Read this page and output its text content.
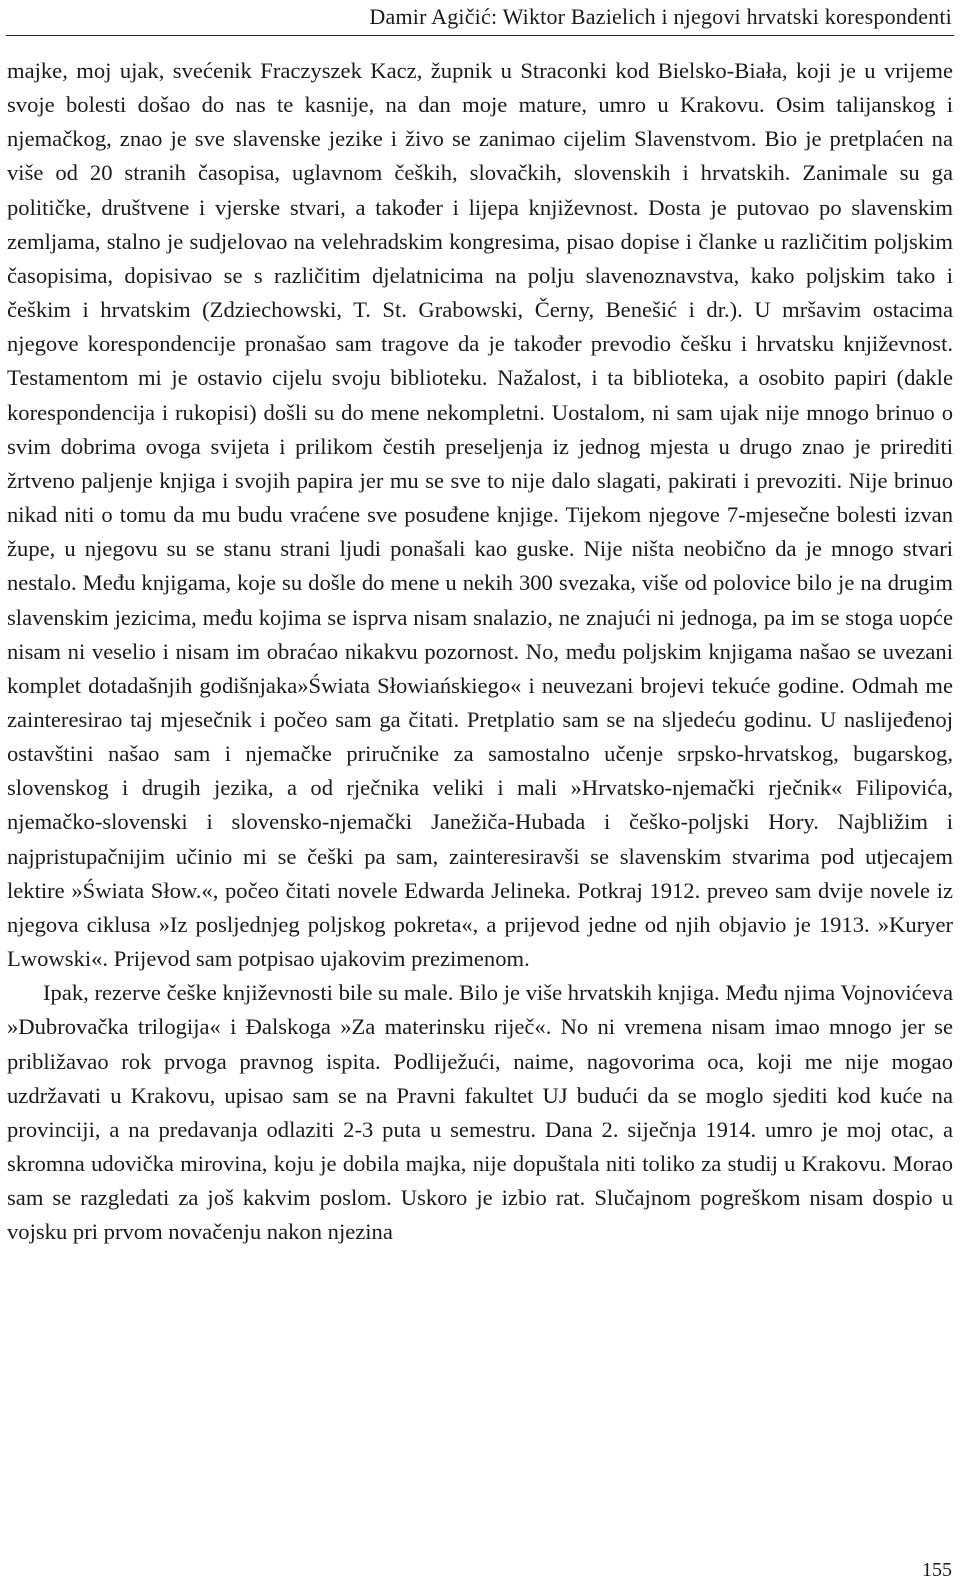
Damir Agičić: Wiktor Bazielich i njegovi hrvatski korespondenti

majke, moj ujak, svećenik Fraczyszek Kacz, župnik u Straconki kod Bielsko-Biała, koji je u vrijeme svoje bolesti došao do nas te kasnije, na dan moje mature, umro u Krakovu. Osim talijanskog i njemačkog, znao je sve slavenske jezike i živo se zanimao cijelim Slavenstvom. Bio je pretplaćen na više od 20 stranih časopisa, uglavnom čeških, slovačkih, slovenskih i hrvatskih. Zanimale su ga političke, društvene i vjerske stvari, a također i lijepa književnost. Dosta je putovao po slavenskim zemljama, stalno je sudjelovao na velehradskim kongresima, pisao dopise i članke u različitim poljskim časopisima, dopisivao se s različitim djelatnicima na polju slavenoznavstva, kako poljskim tako i češkim i hrvatskim (Zdziechowski, T. St. Grabowski, Černy, Benešić i dr.). U mršavim ostacima njegove korespondencije pronašao sam tragove da je također prevodio češku i hrvatsku književnost. Testamentom mi je ostavio cijelu svoju biblioteku. Nažalost, i ta biblioteka, a osobito papiri (dakle korespondencija i rukopisi) došli su do mene nekompletni. Uostalom, ni sam ujak nije mnogo brinuo o svim dobrima ovoga svijeta i prilikom čestih preseljenja iz jednog mjesta u drugo znao je prirediti žrtveno paljenje knjiga i svojih papira jer mu se sve to nije dalo slagati, pakirati i prevoziti. Nije brinuo nikad niti o tomu da mu budu vraćene sve posuđene knjige. Tijekom njegove 7-mjesečne bolesti izvan župe, u njegovu su se stanu strani ljudi ponašali kao guske. Nije ništa neobično da je mnogo stvari nestalo. Među knjigama, koje su došle do mene u nekih 300 svezaka, više od polovice bilo je na drugim slavenskim jezicima, među kojima se isprva nisam snalazio, ne znajući ni jednoga, pa im se stoga uopće nisam ni veselio i nisam im obraćao nikakvu pozornost. No, među poljskim knjigama našao se uvezani komplet dotadašnjih godišnjaka»Świata Słowiańskiego« i neuvezani brojevi tekuće godine. Odmah me zainteresirao taj mjesečnik i počeo sam ga čitati. Pretplatio sam se na sljedeću godinu. U naslijeđenoj ostavštini našao sam i njemačke priručnike za samostalno učenje srpsko-hrvatskog, bugarskog, slovenskog i drugih jezika, a od rječnika veliki i mali »Hrvatsko-njemački rječnik« Filipovića, njemačko-slovenski i slovensko-njemački Janežiča-Hubada i češko-poljski Hory. Najbližim i najpristupačnijim učinio mi se češki pa sam, zainteresiravši se slavenskim stvarima pod utjecajem lektire »Świata Słow.«, počeo čitati novele Edwarda Jelineka. Potkraj 1912. preveo sam dvije novele iz njegova ciklusa »Iz posljednjeg poljskog pokreta«, a prijevod jedne od njih objavio je 1913. »Kuryer Lwowski«. Prijevod sam potpisao ujakovim prezimenom.

Ipak, rezerve češke književnosti bile su male. Bilo je više hrvatskih knjiga. Među njima Vojnovićeva »Dubrovačka trilogija« i Đalskoga »Za materinsku riječ«. No ni vremena nisam imao mnogo jer se približavao rok prvoga pravnog ispita. Podliježući, naime, nagovorima oca, koji me nije mogao uzdržavati u Krakovu, upisao sam se na Pravni fakultet UJ budući da se moglo sjediti kod kuće na provinciji, a na predavanja odlaziti 2-3 puta u semestru. Dana 2. siječnja 1914. umro je moj otac, a skromna udovička mirovina, koju je dobila majka, nije dopuštala niti toliko za studij u Krakovu. Morao sam se razgledati za još kakvim poslom. Uskoro je izbio rat. Slučajnom pogreškom nisam dospio u vojsku pri prvom novačenju nakon njezina

155
